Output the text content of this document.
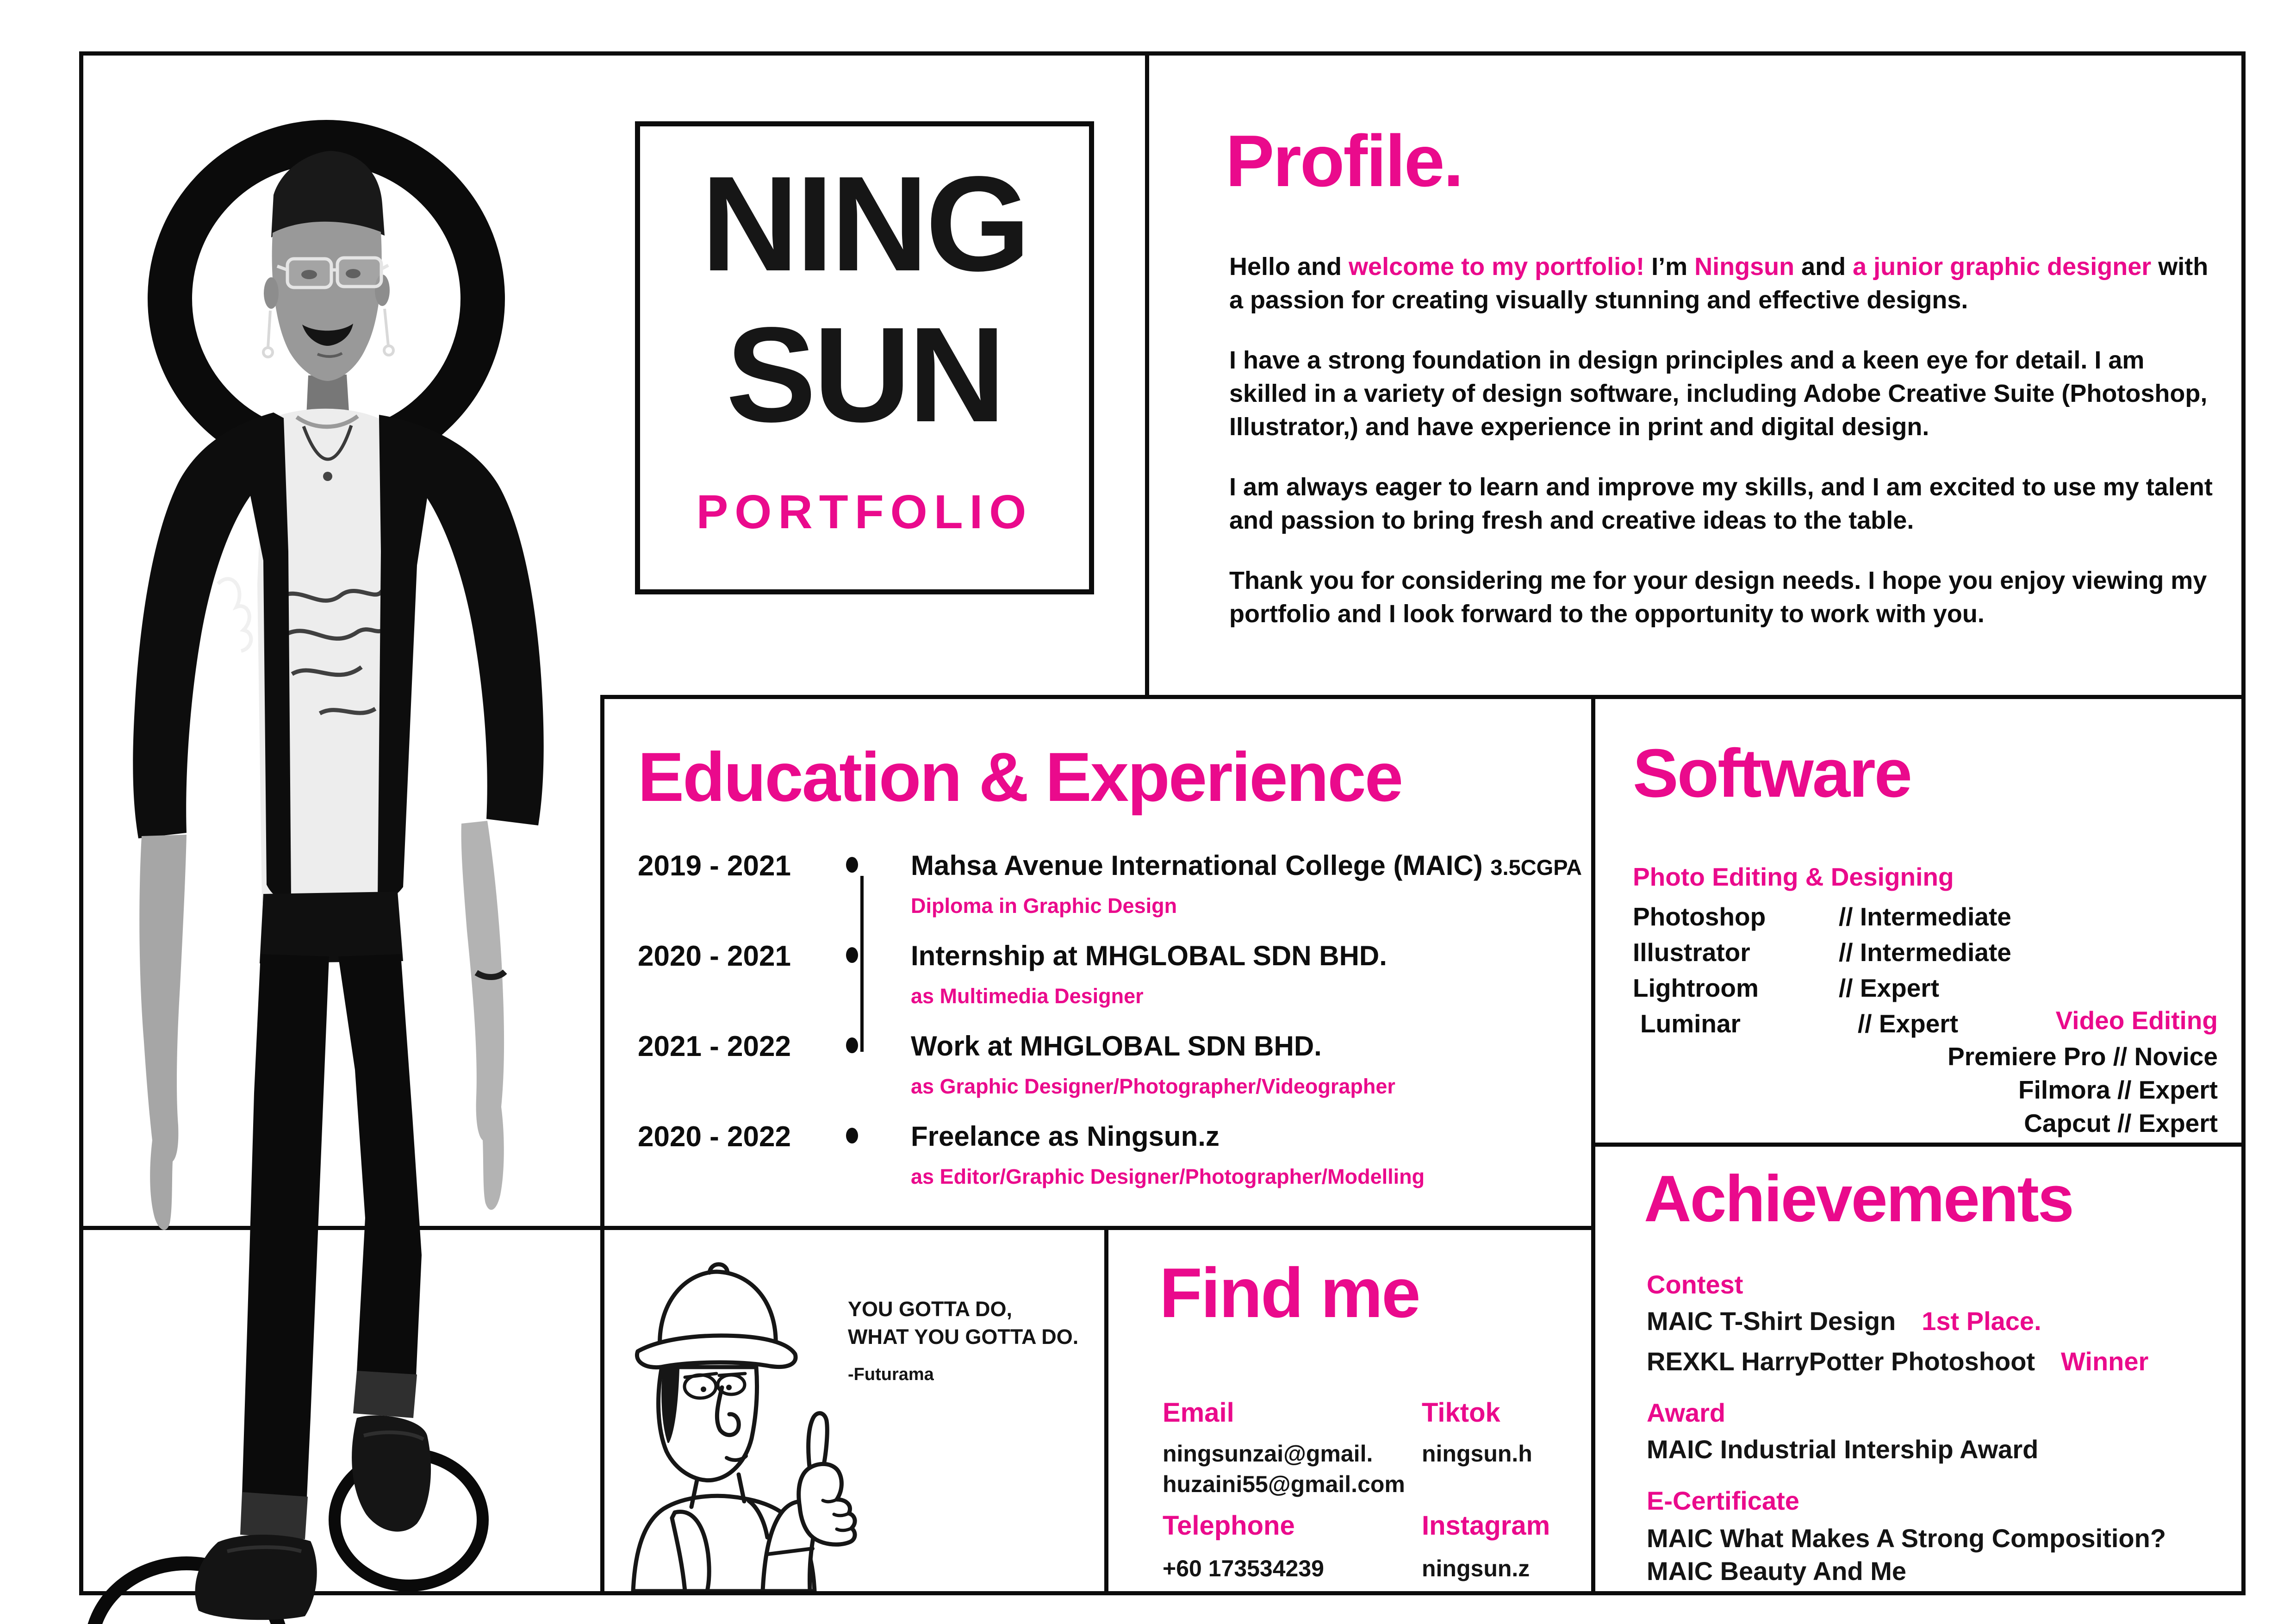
NING
SUN
PORTFOLIO
Profile.

Hello and welcome to my portfolio! I’m Ningsun and a junior graphic designer with a passion for creating visually stunning and effective designs.

I have a strong foundation in design principles and a keen eye for detail. I am skilled in a variety of design software, including Adobe Creative Suite (Photoshop, Illustrator,) and have experience in print and digital design.

I am always eager to learn and improve my skills, and I am excited to use my talent and passion to bring fresh and creative ideas to the table.

Thank you for considering me for your design needs. I hope you enjoy viewing my portfolio and I look forward to the opportunity to work with you.

Education & Experience
2019 - 2021	Mahsa Avenue International College (MAIC) 3.5CGPA
Diploma in Graphic Design
2020 - 2021	Internship at MHGLOBAL SDN BHD.
as Multimedia Designer
2021 - 2022	Work at MHGLOBAL SDN BHD.
as Graphic Designer/Photographer/Videographer
2020 - 2022	Freelance as Ningsun.z
as Editor/Graphic Designer/Photographer/Modelling
Software
Photo Editing & Designing
Photoshop	// Intermediate
Illustrator	// Intermediate
Lightroom	// Expert
Luminar	// Expert	Video Editing
Premiere Pro // Novice
Filmora // Expert
Capcut // Expert
Achievements
Contest
MAIC T-Shirt Design 1st Place.
REXKL HarryPotter Photoshoot Winner
Award
MAIC Industrial Intership Award
E-Certificate
MAIC What Makes A Strong Composition?
MAIC Beauty And Me
Find me
Email
ningsunzai@gmail.
huzaini55@gmail.com
Tiktok
ningsun.h
Telephone
+60 173534239
Instagram
ningsun.z
YOU GOTTA DO,
WHAT YOU GOTTA DO.
-Futurama
